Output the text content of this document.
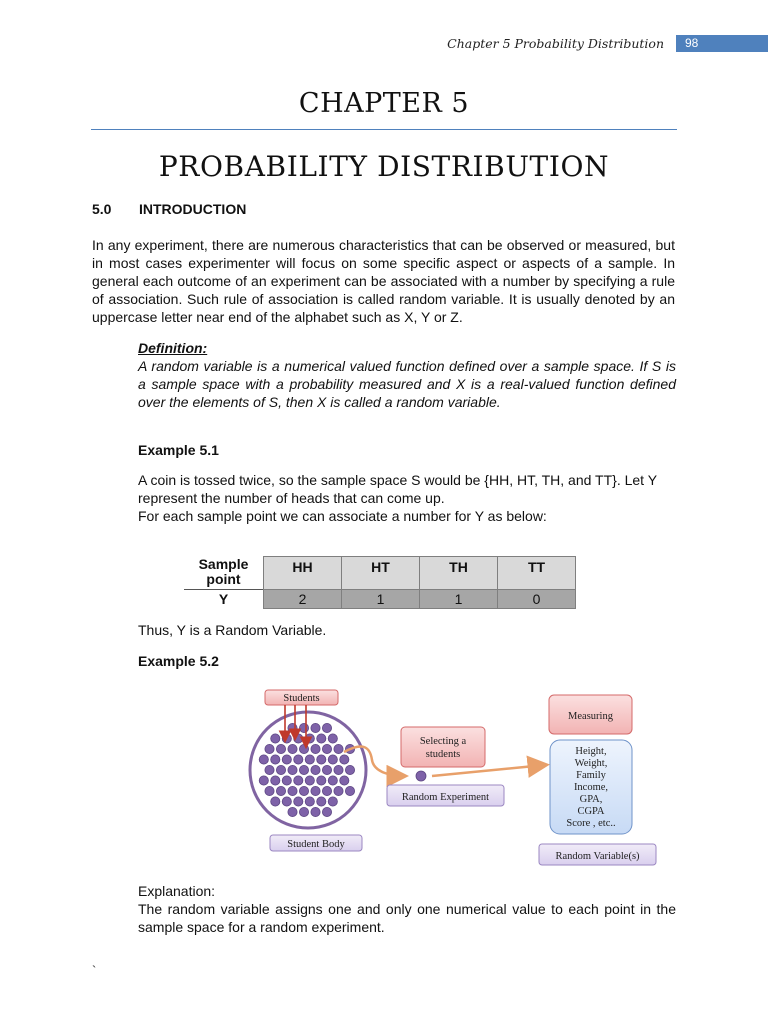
Chapter 5 Probability Distribution	98
CHAPTER 5
PROBABILITY DISTRIBUTION
5.0 INTRODUCTION
In any experiment, there are numerous characteristics that can be observed or measured, but in most cases experimenter will focus on some specific aspect or aspects of a sample. In general each outcome of an experiment can be associated with a number by specifying a rule of association. Such rule of association is called random variable. It is usually denoted by an uppercase letter near end of the alphabet such as X, Y or Z.
Definition:
A random variable is a numerical valued function defined over a sample space. If S is a sample space with a probability measured and X is a real-valued function defined over the elements of S, then X is called a random variable.
Example 5.1
A coin is tossed twice, so the sample space S would be {HH, HT, TH, and TT}. Let Y represent the number of heads that can come up.
For each sample point we can associate a number for Y as below:
Sample point	HH	HT	TH	TT
Y	2	1	1	0
Thus, Y is a Random Variable.
Example 5.2
Students
Student Body
Selecting a
students
Random Experiment
Measuring
Height,
Weight,
Family
Income,
GPA,
CGPA
Score , etc..
Random Variable(s)
Explanation:
The random variable assigns one and only one numerical value to each point in the sample space for a random experiment.
`
